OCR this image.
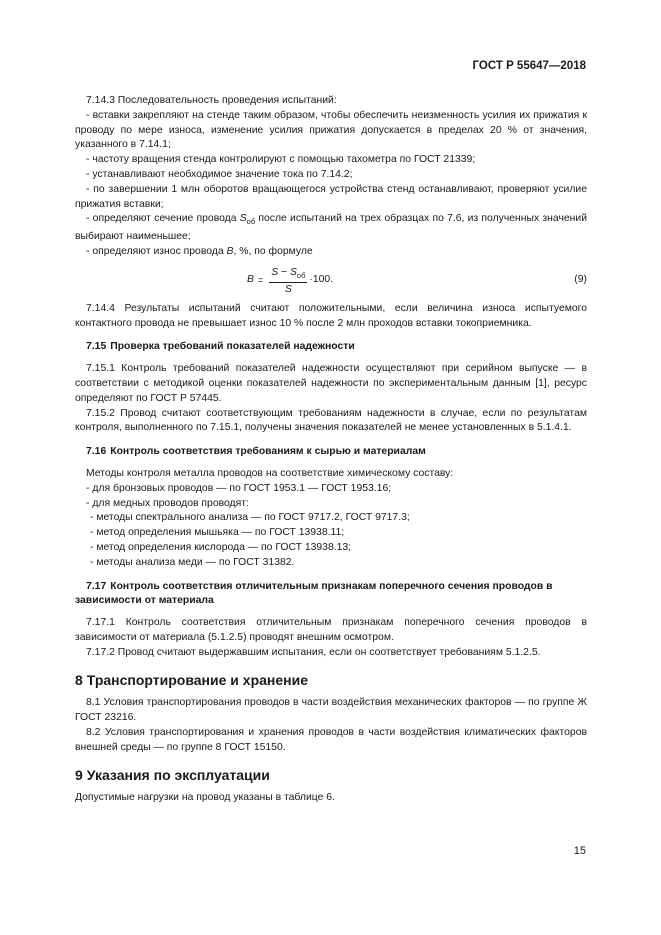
ГОСТ Р 55647—2018

7.14.3 Последовательность проведения испытаний:

- вставки закрепляют на стенде таким образом, чтобы обеспечить неизменность усилия их прижатия к проводу по мере износа, изменение усилия прижатия допускается в пределах 20 % от значения, указанного в 7.14.1;

- частоту вращения стенда контролируют с помощью тахометра по ГОСТ 21339;

- устанавливают необходимое значение тока по 7.14.2;

- по завершении 1 млн оборотов вращающегося устройства стенд останавливают, проверяют усилие прижатия вставки;

- определяют сечение провода $S_{об}$ после испытаний на трех образцах по 7.6, из полученных значений выбирают наименьшее;

- определяют износ провода B, %, по формуле

$B = \frac{S - S_{об}}{S} \cdot 100$.	(9)

7.14.4 Результаты испытаний считают положительными, если величина износа испытуемого контактного провода не превышает износ 10 % после 2 млн проходов вставки токоприемника.

7.15 Проверка требований показателей надежности

7.15.1 Контроль требований показателей надежности осуществляют при серийном выпуске — в соответствии с методикой оценки показателей надежности по экспериментальным данным [1], ресурс определяют по ГОСТ Р 57445.

7.15.2 Провод считают соответствующим требованиям надежности в случае, если по результатам контроля, выполненного по 7.15.1, получены значения показателей не менее установленных в 5.1.4.1.

7.16 Контроль соответствия требованиям к сырью и материалам

Методы контроля металла проводов на соответствие химическому составу:

- для бронзовых проводов — по ГОСТ 1953.1 — ГОСТ 1953.16;

- для медных проводов проводят:

- методы спектрального анализа — по ГОСТ 9717.2, ГОСТ 9717.3;

- метод определения мышьяка — по ГОСТ 13938.11;

- метод определения кислорода — по ГОСТ 13938.13;

- методы анализа меди — по ГОСТ 31382.

7.17 Контроль соответствия отличительным признакам поперечного сечения проводов в зависимости от материала

7.17.1 Контроль соответствия отличительным признакам поперечного сечения проводов в зависимости от материала (5.1.2.5) проводят внешним осмотром.

7.17.2 Провод считают выдержавшим испытания, если он соответствует требованиям 5.1.2.5.

8 Транспортирование и хранение

8.1 Условия транспортирования проводов в части воздействия механических факторов — по группе Ж ГОСТ 23216.

8.2 Условия транспортирования и хранения проводов в части воздействия климатических факторов внешней среды — по группе 8 ГОСТ 15150.

9 Указания по эксплуатации

Допустимые нагрузки на провод указаны в таблице 6.

15
